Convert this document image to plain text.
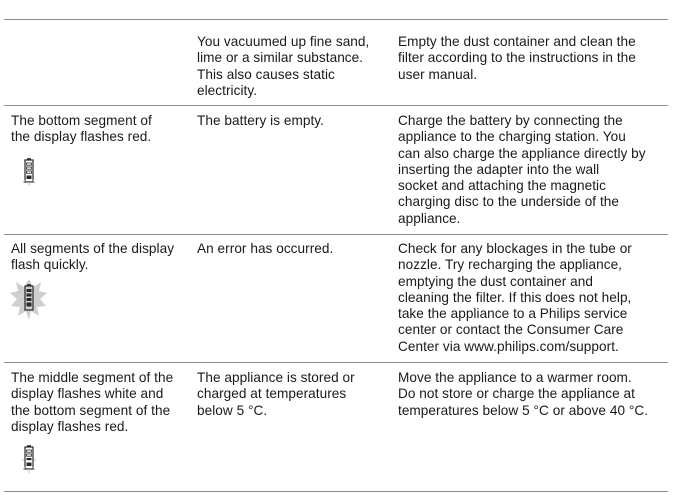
You vacuumed up fine sand,
lime or a similar substance.
This also causes static
electricity.
Empty the dust container and clean the
filter according to the instructions in the
user manual.
The bottom segment of
the display flashes red.
The battery is empty.	Charge the battery by connecting the
appliance to the charging station. You
can also charge the appliance directly by
inserting the adapter into the wall
socket and attaching the magnetic
charging disc to the underside of the
appliance.
All segments of the display
flash quickly.
An error has occurred.	Check for any blockages in the tube or
nozzle. Try recharging the appliance,
emptying the dust container and
cleaning the filter. If this does not help,
take the appliance to a Philips service
center or contact the Consumer Care
Center via www.philips.com/support.
The middle segment of the
display flashes white and
the bottom segment of the
display flashes red.
The appliance is stored or
charged at temperatures
below 5 °C.
Move the appliance to a warmer room.
Do not store or charge the appliance at
temperatures below 5 °C or above 40 °C.
